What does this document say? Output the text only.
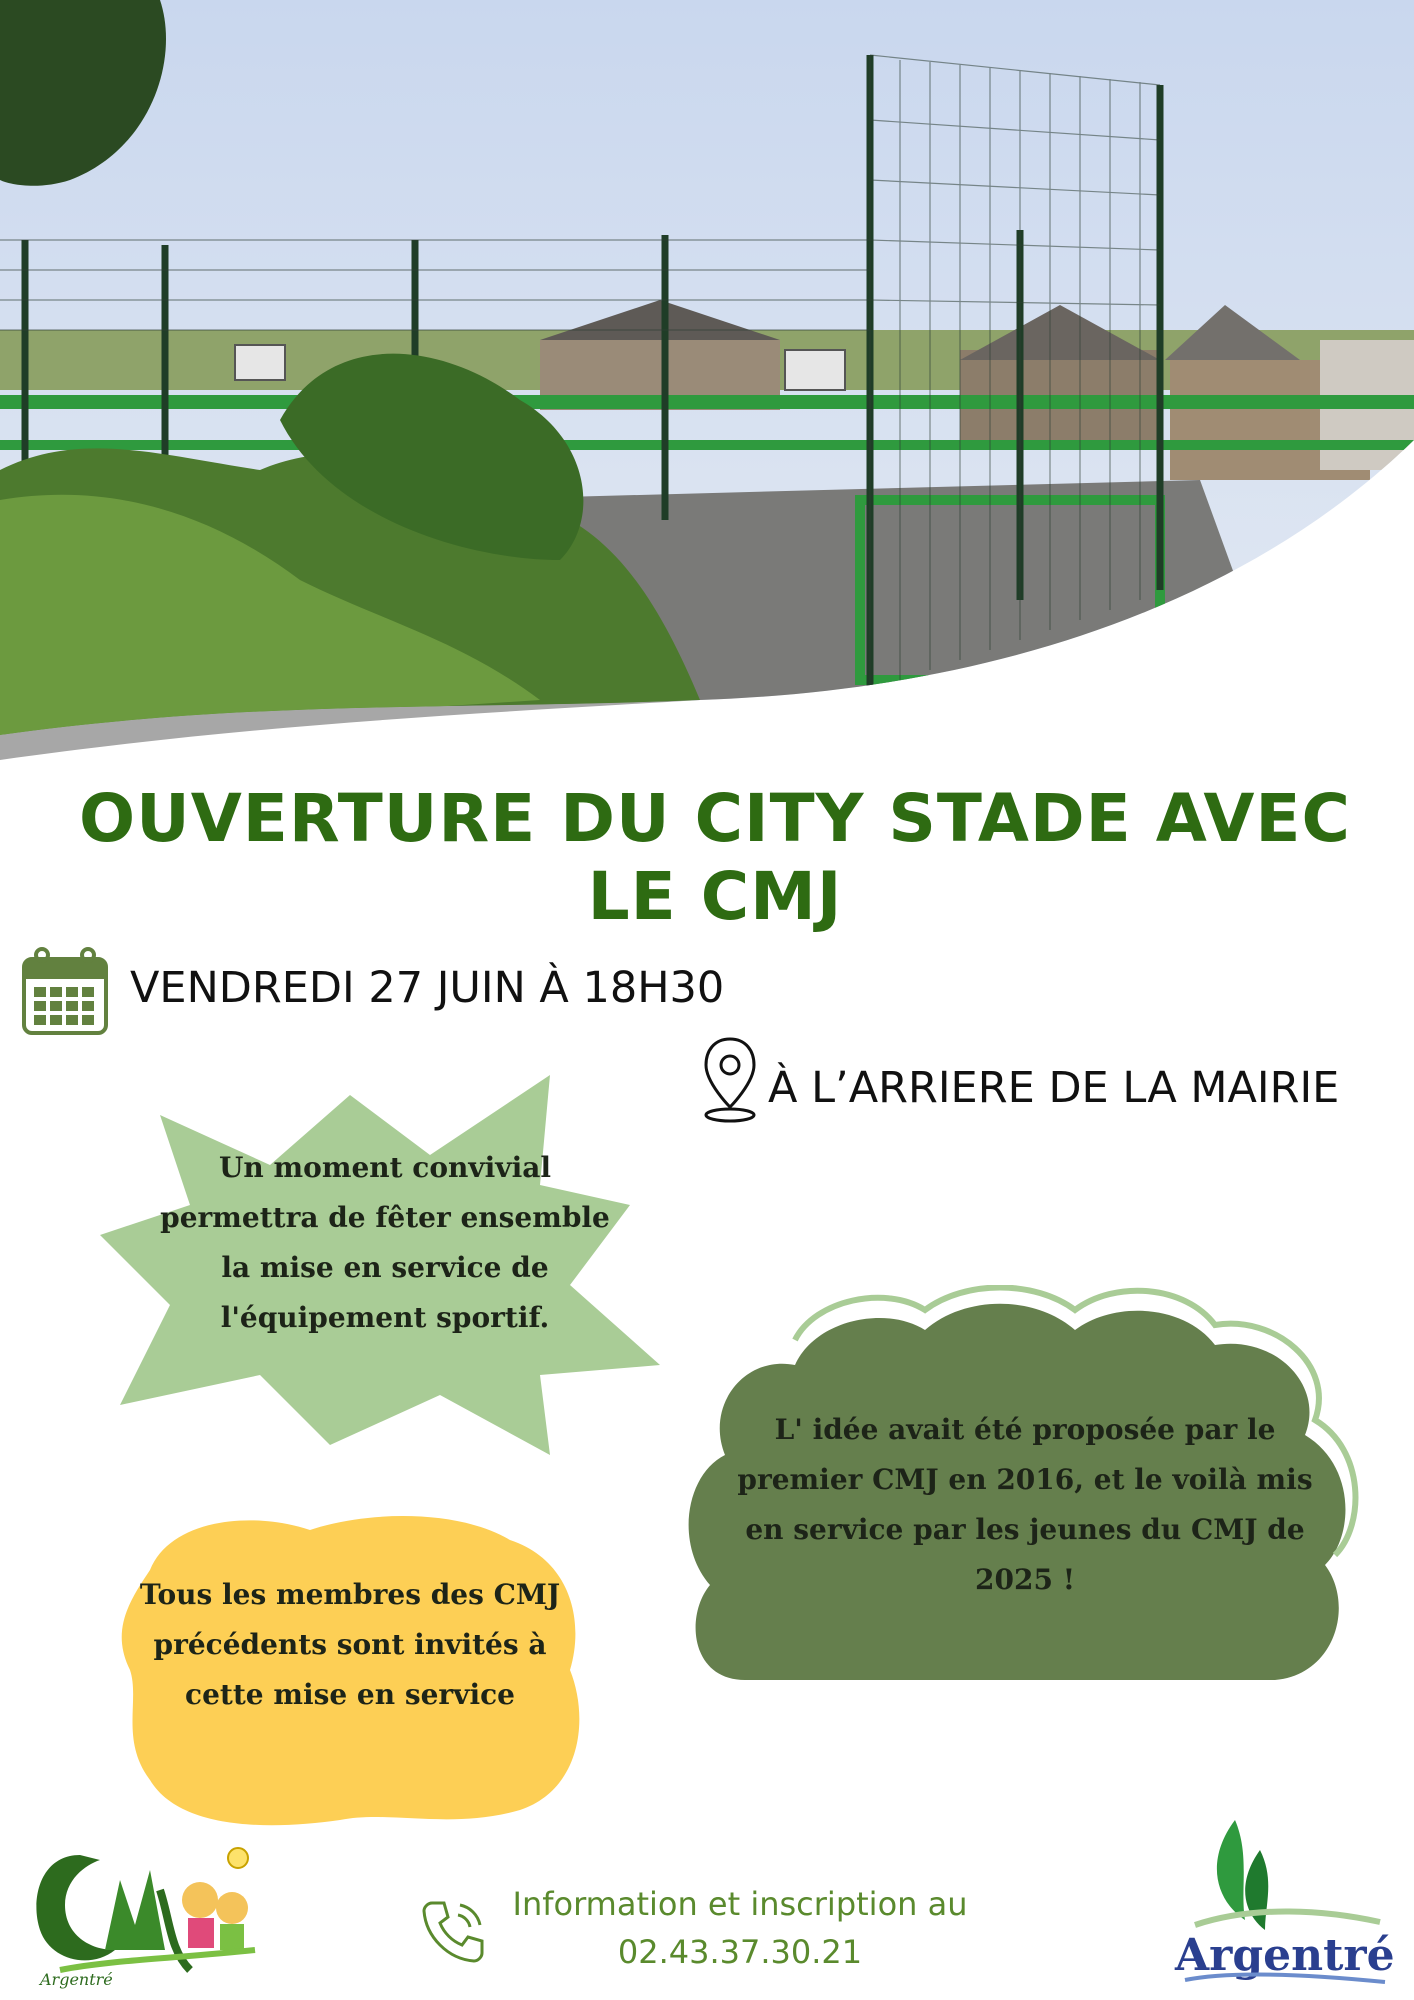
OUVERTURE DU CITY STADE AVEC
LE CMJ
VENDREDI 27 JUIN À 18H30
À L’ARRIERE DE LA MAIRIE
Un moment convivial
permettra de fêter ensemble
la mise en service de
l'équipement sportif.
L' idée avait été proposée par le
premier CMJ en 2016, et le voilà mis
en service par les jeunes du CMJ de
2025 !
Tous les membres des CMJ
précédents sont invités à
cette mise en service
Argentré
Information et inscription au
02.43.37.30.21	Argentré
